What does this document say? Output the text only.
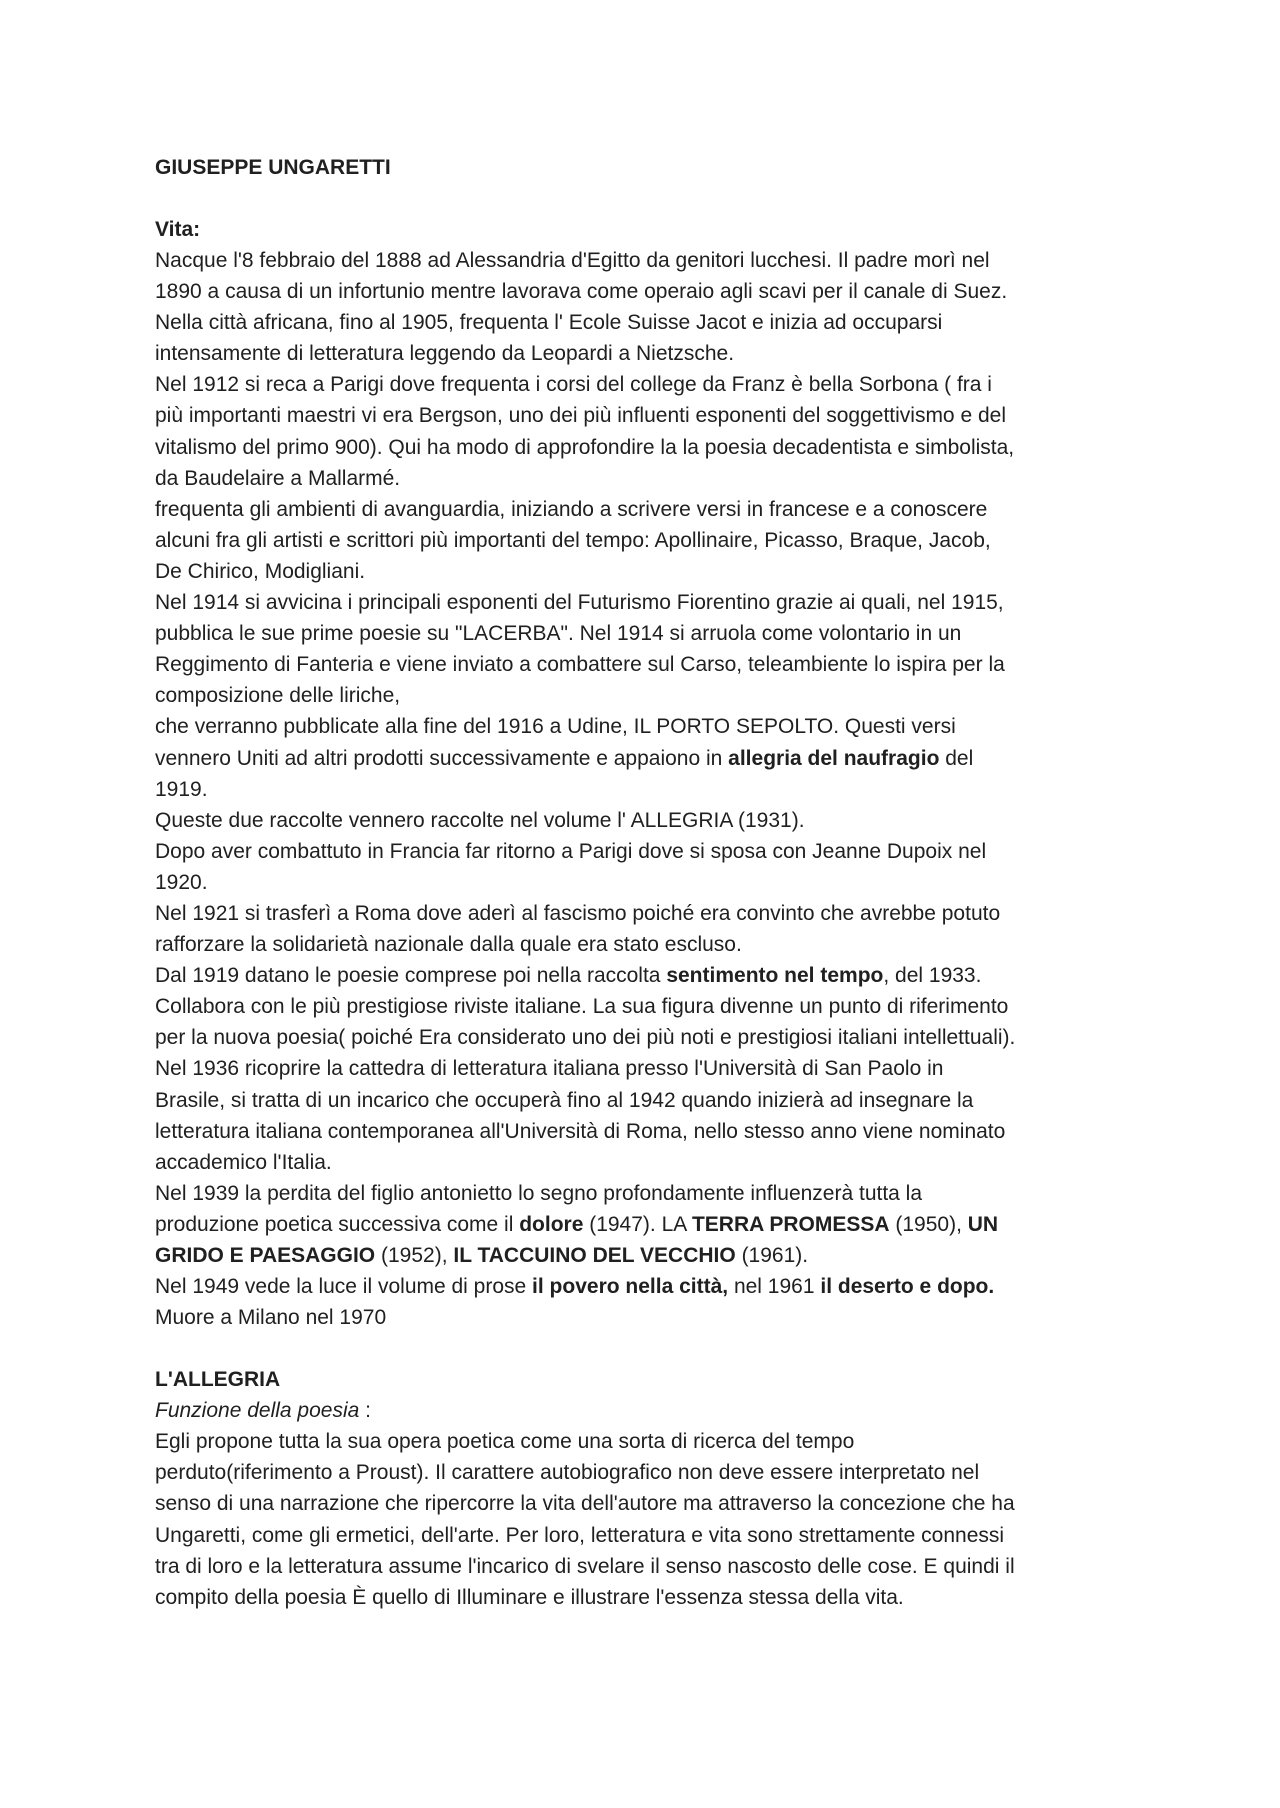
GIUSEPPE UNGARETTI
Vita:
Nacque l'8 febbraio del 1888 ad Alessandria d'Egitto da genitori lucchesi. Il padre morì nel
1890 a causa di un infortunio mentre lavorava come operaio agli scavi per il canale di Suez.
Nella città africana, fino al 1905, frequenta l' Ecole Suisse Jacot e inizia ad occuparsi
intensamente di letteratura leggendo da Leopardi a Nietzsche.
Nel 1912 si reca a Parigi dove frequenta i corsi del college da Franz è bella Sorbona ( fra i
più importanti maestri vi era Bergson, uno dei più influenti esponenti del soggettivismo e del
vitalismo del primo 900). Qui ha modo di approfondire la la poesia decadentista e simbolista,
da Baudelaire a Mallarmé.
frequenta gli ambienti di avanguardia, iniziando a scrivere versi in francese e a conoscere
alcuni fra gli artisti e scrittori più importanti del tempo: Apollinaire, Picasso, Braque, Jacob,
De Chirico, Modigliani.
Nel 1914 si avvicina i principali esponenti del Futurismo Fiorentino grazie ai quali, nel 1915,
pubblica le sue prime poesie su "LACERBA". Nel 1914 si arruola come volontario in un
Reggimento di Fanteria e viene inviato a combattere sul Carso, teleambiente lo ispira per la
composizione delle liriche,
che verranno pubblicate alla fine del 1916 a Udine, IL PORTO SEPOLTO. Questi versi
vennero Uniti ad altri prodotti successivamente e appaiono in allegria del naufragio del
1919.
Queste due raccolte vennero raccolte nel volume l' ALLEGRIA (1931).
Dopo aver combattuto in Francia far ritorno a Parigi dove si sposa con Jeanne Dupoix nel
1920.
Nel 1921 si trasferì a Roma dove aderì al fascismo poiché era convinto che avrebbe potuto
rafforzare la solidarietà nazionale dalla quale era stato escluso.
Dal 1919 datano le poesie comprese poi nella raccolta sentimento nel tempo, del 1933.
Collabora con le più prestigiose riviste italiane. La sua figura divenne un punto di riferimento
per la nuova poesia( poiché Era considerato uno dei più noti e prestigiosi italiani intellettuali).
Nel 1936 ricoprire la cattedra di letteratura italiana presso l'Università di San Paolo in
Brasile, si tratta di un incarico che occuperà fino al 1942 quando inizierà ad insegnare la
letteratura italiana contemporanea all'Università di Roma, nello stesso anno viene nominato
accademico l'Italia.
Nel 1939 la perdita del figlio antonietto lo segno profondamente influenzerà tutta la
produzione poetica successiva come il dolore (1947). LA TERRA PROMESSA (1950), UN
GRIDO E PAESAGGIO (1952), IL TACCUINO DEL VECCHIO (1961).
Nel 1949 vede la luce il volume di prose il povero nella città, nel 1961 il deserto e dopo.
Muore a Milano nel 1970
L'ALLEGRIA
Funzione della poesia :
Egli propone tutta la sua opera poetica come una sorta di ricerca del tempo
perduto(riferimento a Proust). Il carattere autobiografico non deve essere interpretato nel
senso di una narrazione che ripercorre la vita dell'autore ma attraverso la concezione che ha
Ungaretti, come gli ermetici, dell'arte. Per loro, letteratura e vita sono strettamente connessi
tra di loro e la letteratura assume l'incarico di svelare il senso nascosto delle cose. E quindi il
compito della poesia È quello di Illuminare e illustrare l'essenza stessa della vita.
